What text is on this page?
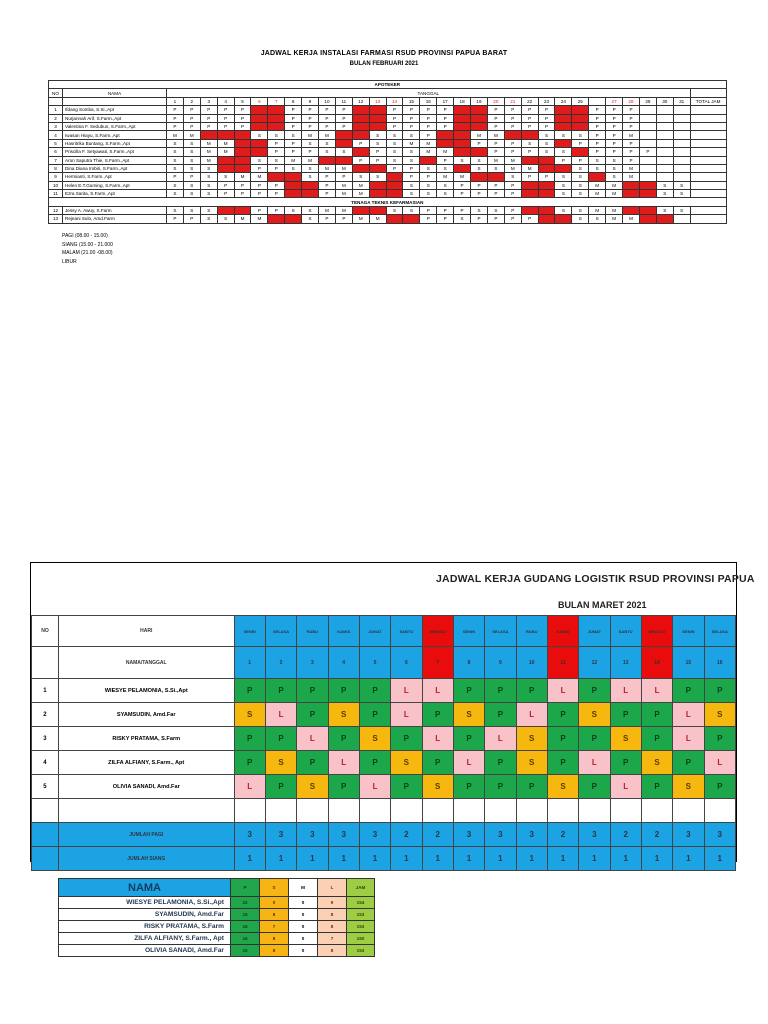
JADWAL KERJA INSTALASI FARMASI RSUD PROVINSI PAPUA BARAT
BULAN FEBRUARI 2021
APOTEKER																																	
NO	NAMA	TANGGAL																															
		1	2	3	4	5	6	7	8	9	10	11	12	13	14	15	16	17	18	19	20	21	22	23	24	25		27	28	29	30	31	TOTAL JAM
1	Ifdang Somba, S.Si.,Apt	P	P	P	P	P			P	P	P	P			P	P	P	P			P	P	P	P			P	P	P				
2	Nurjannah Arif, S.Farm.,Apt	P	P	P	P	P			P	P	P	P			P	P	P	P			P	P	P	P			P	P	P				
3	Valentina F. Sedubun, S.Farm.,Apt	P	P	P	P	P			P	P	P	P			P	P	P	P			P	P	P	P			P	P	P				
4	Iwasan Hiayu, S.Farm.,Apt	M	M				S	S	S	M	M			S	S	S	P			M	M			S	S	S	P	P	M				
5	Hasritrika Buntang, S.Farm.,Apt	S	S	M	M			P	P	S	S		P	S	S	M	M			P	P	P	S	S		P	P	P	P				
6	Priscilla F. Setyawati, S.Farm.,Apt	S	S	M	M			P	P	P	S	S		P	S	S	M	M			P	P	P	S	S		P	P	P	P			
7	Aron Saputra Thie, S.Farm.,Apt	S	S	M			S	S	M	M			P	P	S	S		P	S	S	M	M			P	P	S	S	P				
8	Dina Diana Imbiri, S.Farm.,Apt	S	S	S			P	P	S	S	M	M			P	P	S	S		S	S	M	M			S	S	S	M				
9	Hermianti, S.Farm.,Apt	P	P	S	S	M	M			S	P	P	S	S		P	P	M	M			S	P	P	S	S		S	M				
10	Helen E.T.Gurning, S.Farm.,Apt	S	S	S	P	P	P	P			P	M	M			S	S	S	P	P	P	P			S	S	M	M			S	S	
11	Ezra Sarita, S.Farm.,Apt	S	S	S	P	P	P	P			P	M	M			S	S	S	P	P	P	P			S	S	M	M			S	S	
TENAGA TEKNIS KEFARMASIAN																																	
12	Jessy A. Awuy, S.Farm	S	S	S			P	P	S	S	M	M			S	S	P	P	P	S	S	P			S	S	M	M			S	S	
13	Rejeani Sulo, Amd.Farm	P	P	S	S	M	M			S	P	P	M	M			P	P	S	P	P	P	P			S	S	M	M				
PAGI (08.00 - 15.00)
SIANG (15.00 - 21.000
MALAM (21.00 -08.00)
LIBUR
JADWAL KERJA GUDANG LOGISTIK RSUD PROVINSI PAPUA
BULAN MARET 2021
NO	HARI	SENIN	SELASA	RABU	KAMIS	JUMAT	SABTU	MINGGU	SENIN	SELASA	RABU	KAMIS	JUMAT	SABTU	MINGGU	SENIN	SELASA
	NAMA/TANGGAL	1	2	3	4	5	6	7	8	9	10	11	12	13	14	15	16
1	WIESYE PELAMONIA, S.Si.,Apt	P	P	P	P	P	L	L	P	P	P	L	P	L	L	P	P

2	SYAMSUDIN, Amd.Far	S	L	P	S	P	L	P	S	P	L	P	S	P	P	L	S

3	RISKY PRATAMA, S.Farm	P	P	L	P	S	P	L	P	L	S	P	P	S	P	L	P

4	ZILFA ALFIANY, S.Farm., Apt	P	S	P	L	P	S	P	L	P	S	P	L	P	S	P	L

5	OLIVIA SANADI, Amd.Far	L	P	S	P	L	P	S	P	P	P	S	P	L	P	S	P

	JUMLAH PAGI	3	3	3	3	3	2	2	3	3	3	2	3	2	2	3	3
	JUMLAH SIANG	1	1	1	1	1	1	1	1	1	1	1	1	1	1	1	1
NAMA	P	S	M	L	JAM
WIESYE PELAMONIA, S.Si.,Apt	22	0	0	9	154
SYAMSUDIN, Amd.Far	15	8	0	8	153
RISKY PRATAMA, S.Farm	16	7	0	8	153
ZILFA ALFIANY, S.Farm., Apt	16	8	0	7	160
OLIVIA SANADI, Amd.Far	15	8	0	8	153
